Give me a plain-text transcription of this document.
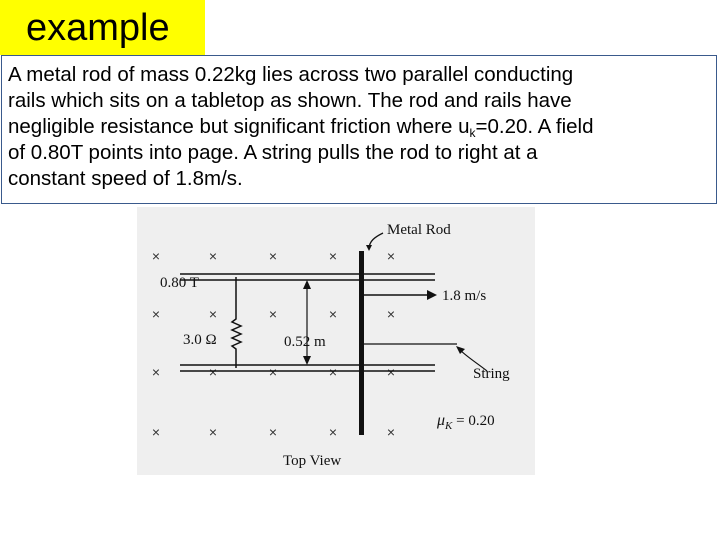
example

A metal rod of mass 0.22kg lies across two parallel conducting
rails which sits on a tabletop as shown. The rod and rails have
negligible resistance but significant friction where $u_k=0.20$. A field
of 0.80T points into page. A string pulls the rod to right at a
constant speed of 1.8m/s.

×	×	×	×	×
×	×	×	×	×
×	×	×	×	×
×	×	×	×	×
Metal Rod
0.80 T
1.8 m/s
3.0 Ω	0.52 m
String
$\mu_K = 0.20$
Top View
